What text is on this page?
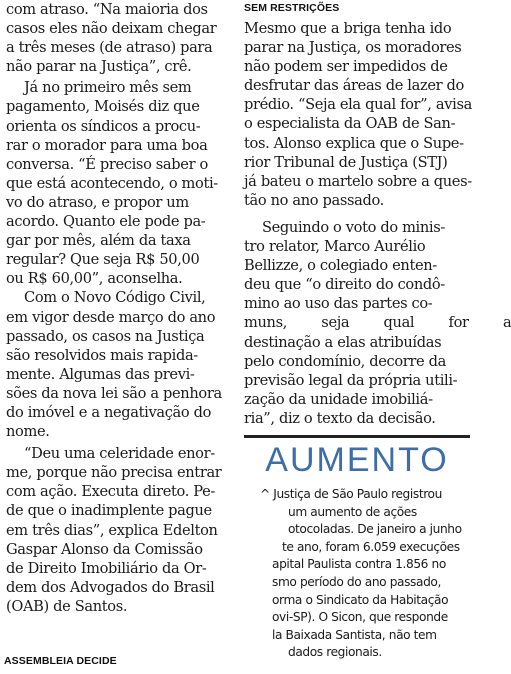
com atraso. “Na maioria dos
casos eles não deixam chegar
a três meses (de atraso) para
não parar na Justiça”, crê.

Já no primeiro mês sem
pagamento, Moisés diz que
orienta os síndicos a procu-
rar o morador para uma boa
conversa. “É preciso saber o
que está acontecendo, o moti-
vo do atraso, e propor um
acordo. Quanto ele pode pa-
gar por mês, além da taxa
regular? Que seja R$ 50,00
ou R$ 60,00”, aconselha.

Com o Novo Código Civil,
em vigor desde março do ano
passado, os casos na Justiça
são resolvidos mais rapida-
mente. Algumas das previ-
sões da nova lei são a penhora
do imóvel e a negativação do
nome.

“Deu uma celeridade enor-
me, porque não precisa entrar
com ação. Executa direto. Pe-
de que o inadimplente pague
em três dias”, explica Edelton
Gaspar Alonso da Comissão
de Direito Imobiliário da Or-
dem dos Advogados do Brasil
(OAB) de Santos.

ASSEMBLEIA DECIDE
SEM RESTRIÇÕES

Mesmo que a briga tenha ido
parar na Justiça, os moradores
não podem ser impedidos de
desfrutar das áreas de lazer do
prédio. “Seja ela qual for”, avisa
o especialista da OAB de San-
tos. Alonso explica que o Supe-
rior Tribunal de Justiça (STJ)
já bateu o martelo sobre a ques-
tão no ano passado.

Seguindo o voto do minis-
tro relator, Marco Aurélio
Bellizze, o colegiado enten-
deu que “o direito do condô-
mino ao uso das partes co-
muns, seja qual for a
destinação a elas atribuídas
pelo condomínio, decorre da
previsão legal da própria utili-
zação da unidade imobiliá-
ria”, diz o texto da decisão.

AUMENTO
^ Justiça de São Paulo registrou
um aumento de ações
otocoladas. De janeiro a junho
te ano, foram 6.059 execuções
apital Paulista contra 1.856 no
smo período do ano passado,
orma o Sindicato da Habitação
ovi-SP). O Sicon, que responde
la Baixada Santista, não tem
dados regionais.
